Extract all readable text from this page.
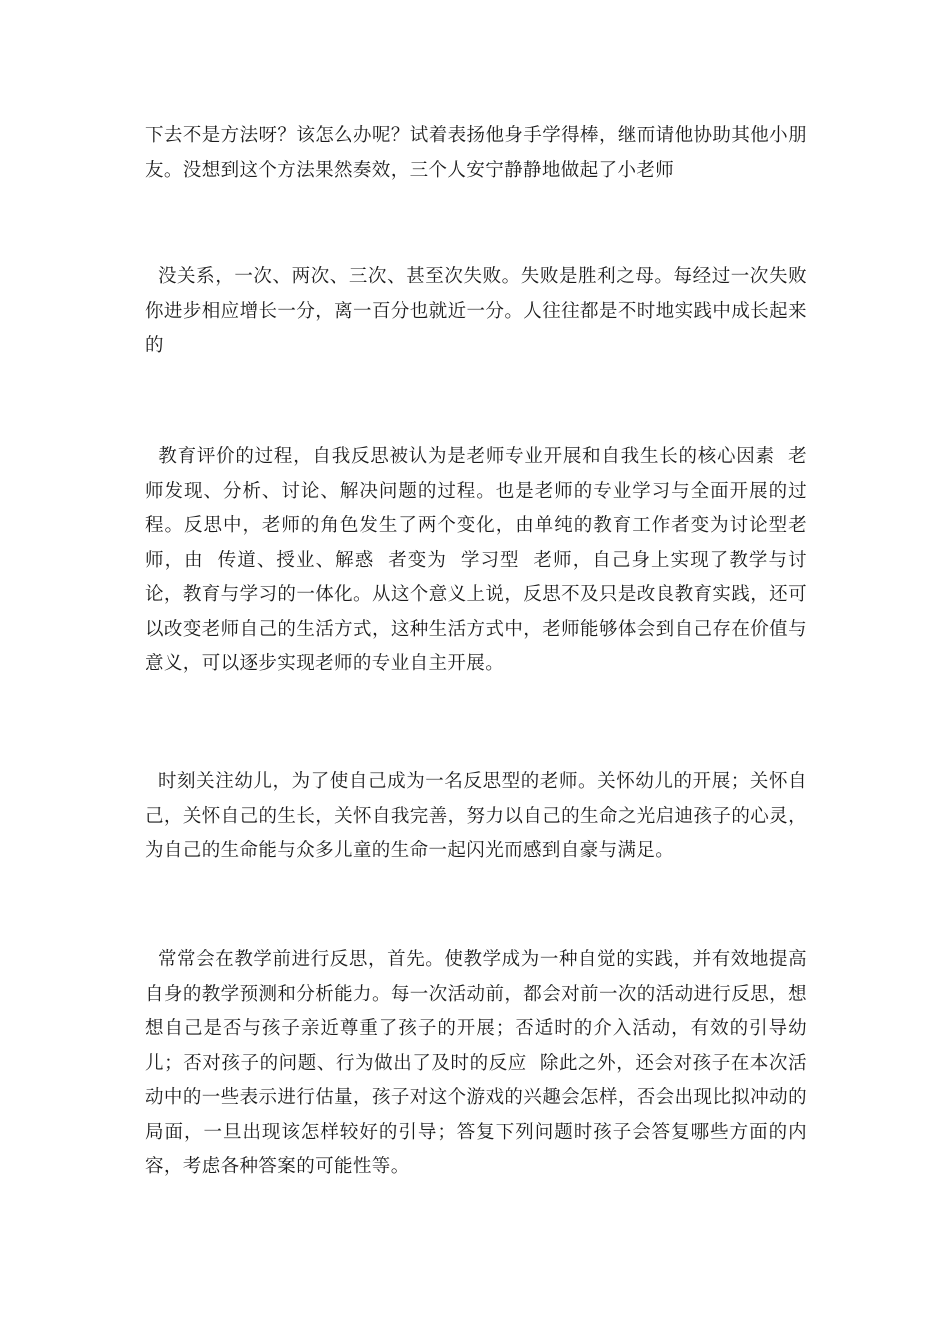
下去不是方法呀？该怎么办呢？试着表扬他身手学得棒，继而请他协助其他小朋友。没想到这个方法果然奏效，三个人安宁静静地做起了小老师

没关系，一次、两次、三次、甚至次失败。失败是胜利之母。每经过一次失败你进步相应增长一分，离一百分也就近一分。人往往都是不时地实践中成长起来的

教育评价的过程，自我反思被认为是老师专业开展和自我生长的核心因素  老师发现、分析、讨论、解决问题的过程。也是老师的专业学习与全面开展的过程。反思中，老师的角色发生了两个变化，由单纯的教育工作者变为讨论型老师，由  传道、授业、解惑  者变为  学习型  老师，自己身上实现了教学与讨论，教育与学习的一体化。从这个意义上说，反思不及只是改良教育实践，还可以改变老师自己的生活方式，这种生活方式中，老师能够体会到自己存在价值与意义，可以逐步实现老师的专业自主开展。

时刻关注幼儿，为了使自己成为一名反思型的老师。关怀幼儿的开展；关怀自己，关怀自己的生长，关怀自我完善，努力以自己的生命之光启迪孩子的心灵，为自己的生命能与众多儿童的生命一起闪光而感到自豪与满足。

常常会在教学前进行反思，首先。使教学成为一种自觉的实践，并有效地提高自身的教学预测和分析能力。每一次活动前，都会对前一次的活动进行反思，想想自己是否与孩子亲近尊重了孩子的开展；否适时的介入活动，有效的引导幼儿；否对孩子的问题、行为做出了及时的反应  除此之外，还会对孩子在本次活动中的一些表示进行估量，孩子对这个游戏的兴趣会怎样，否会出现比拟冲动的局面，一旦出现该怎样较好的引导；答复下列问题时孩子会答复哪些方面的内容，考虑各种答案的可能性等。
